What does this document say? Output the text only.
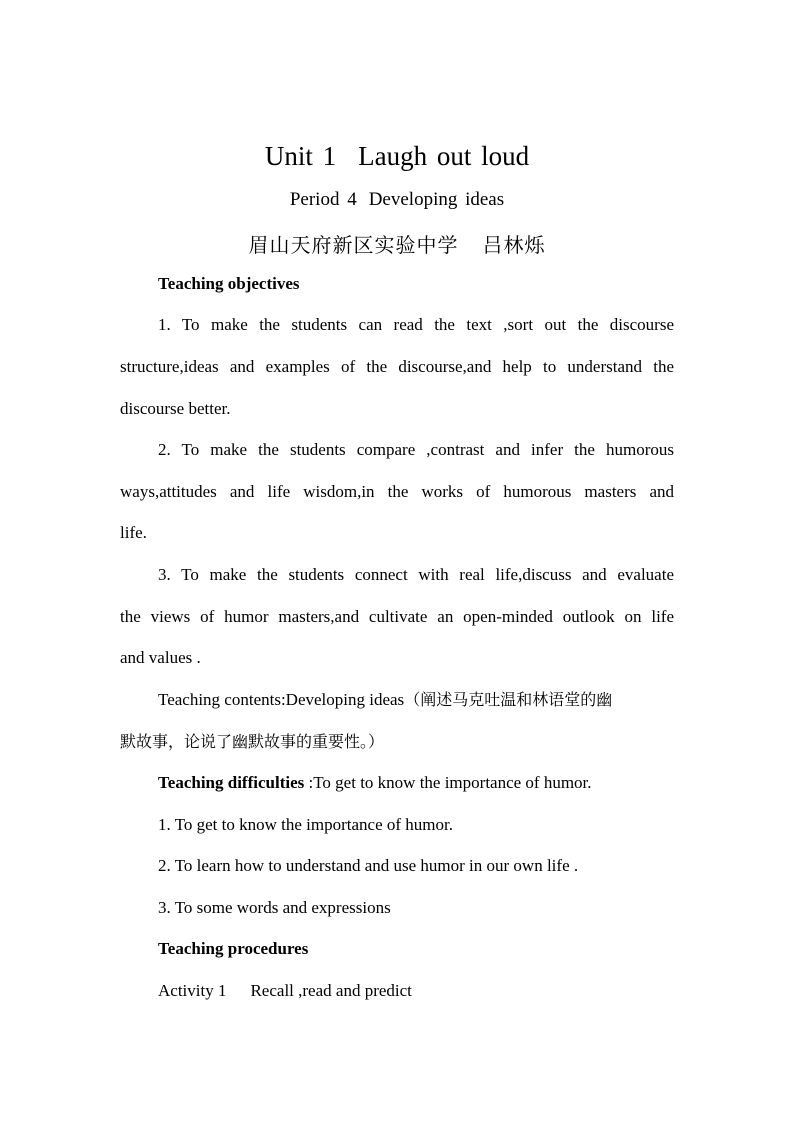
Unit 1 Laugh out loud
Period 4 Developing ideas
眉山天府新区实验中学 吕林烁
Teaching objectives
1. To make the students can read the text ,sort out the discourse
structure,ideas and examples of the discourse,and help to understand the
discourse better.
2. To make the students compare ,contrast and infer the humorous
ways,attitudes and life wisdom,in the works of humorous masters and
life.
3. To make the students connect with real life,discuss and evaluate
the views of humor masters,and cultivate an open-minded outlook on life
and values .
Teaching contents:Developing ideas（阐述马克吐温和林语堂的幽
默故事，论说了幽默故事的重要性。）
Teaching difficulties :To get to know the importance of humor.
1. To get to know the importance of humor.
2. To learn how to understand and use humor in our own life .
3. To some words and expressions
Teaching procedures
Activity 1 Recall ,read and predict
